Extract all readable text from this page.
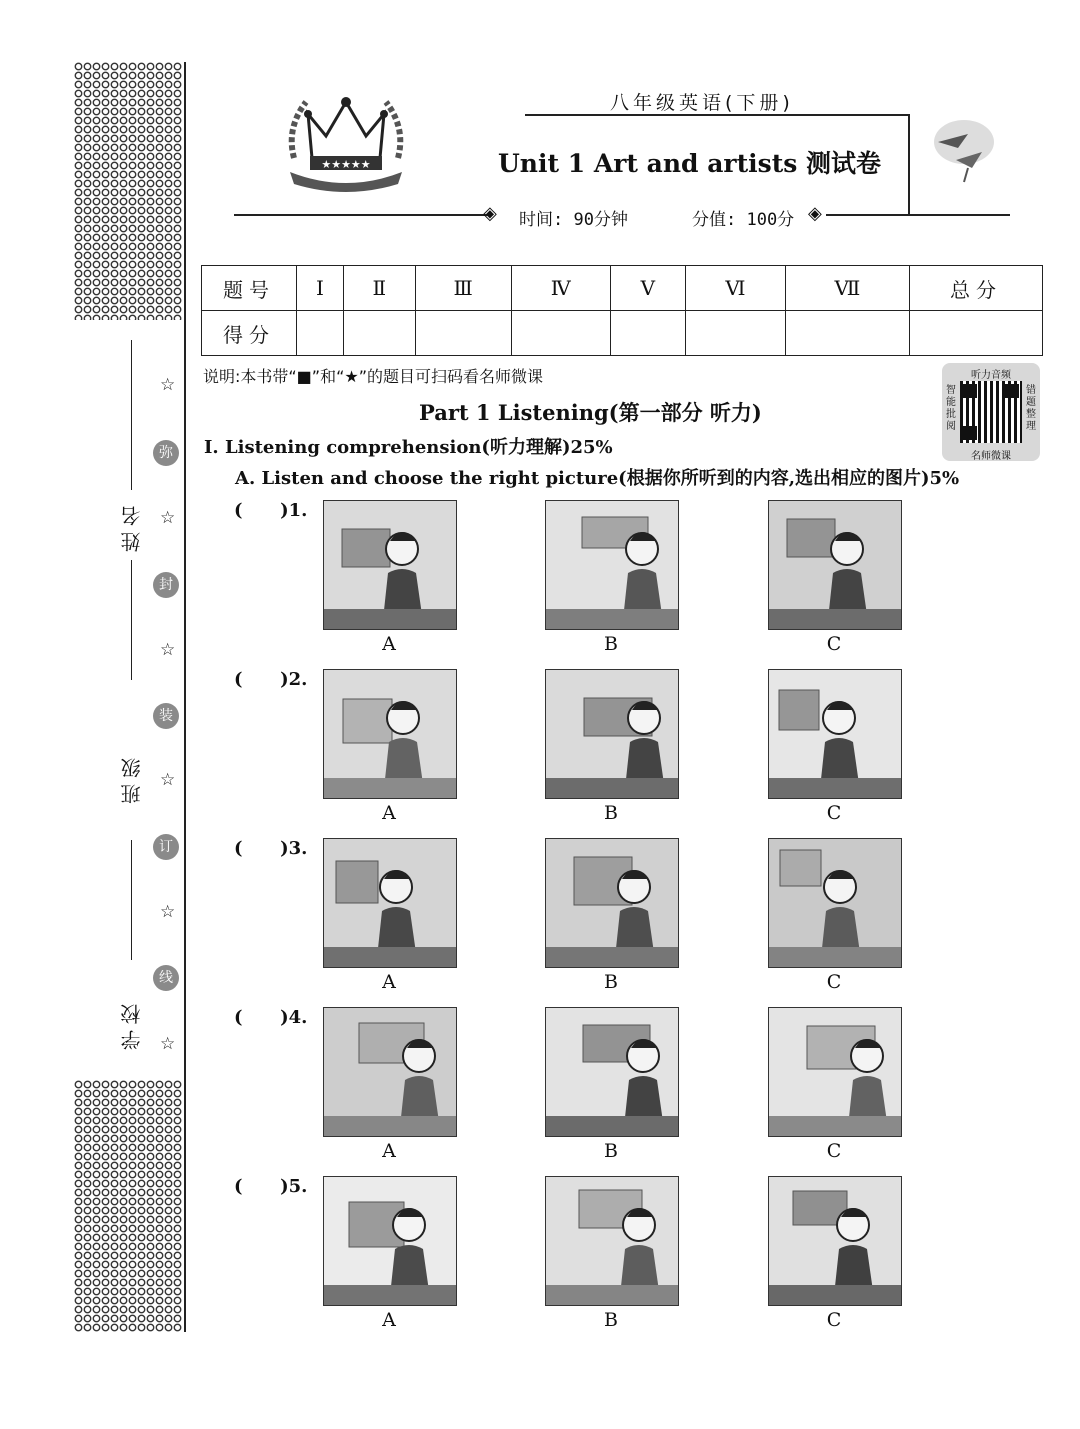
姓名
班级
学校
☆
弥
☆
封
☆
装
☆
订
☆
线
☆
★★★★★
八年级英语(下册)
Unit 1 Art and artists 测试卷
◈ 时间: 90分钟	分值: 100分 ◈
题号	Ⅰ	Ⅱ	Ⅲ	Ⅳ	Ⅴ	Ⅵ	Ⅶ	总分
得分								
说明:本书带“■”和“★”的题目可扫码看名师微课	听力音频
智能批阅
错题整理
名师微课
Part 1 Listening(第一部分 听力)
Ⅰ. Listening comprehension(听力理解)25%
A. Listen and choose the right picture(根据你所听到的内容,选出相应的图片)5%
(      )1.
A	B	C
(      )2.
A	B	C
(      )3.
A	B	C
(      )4.
A	B	C
(      )5.
A	B	C
